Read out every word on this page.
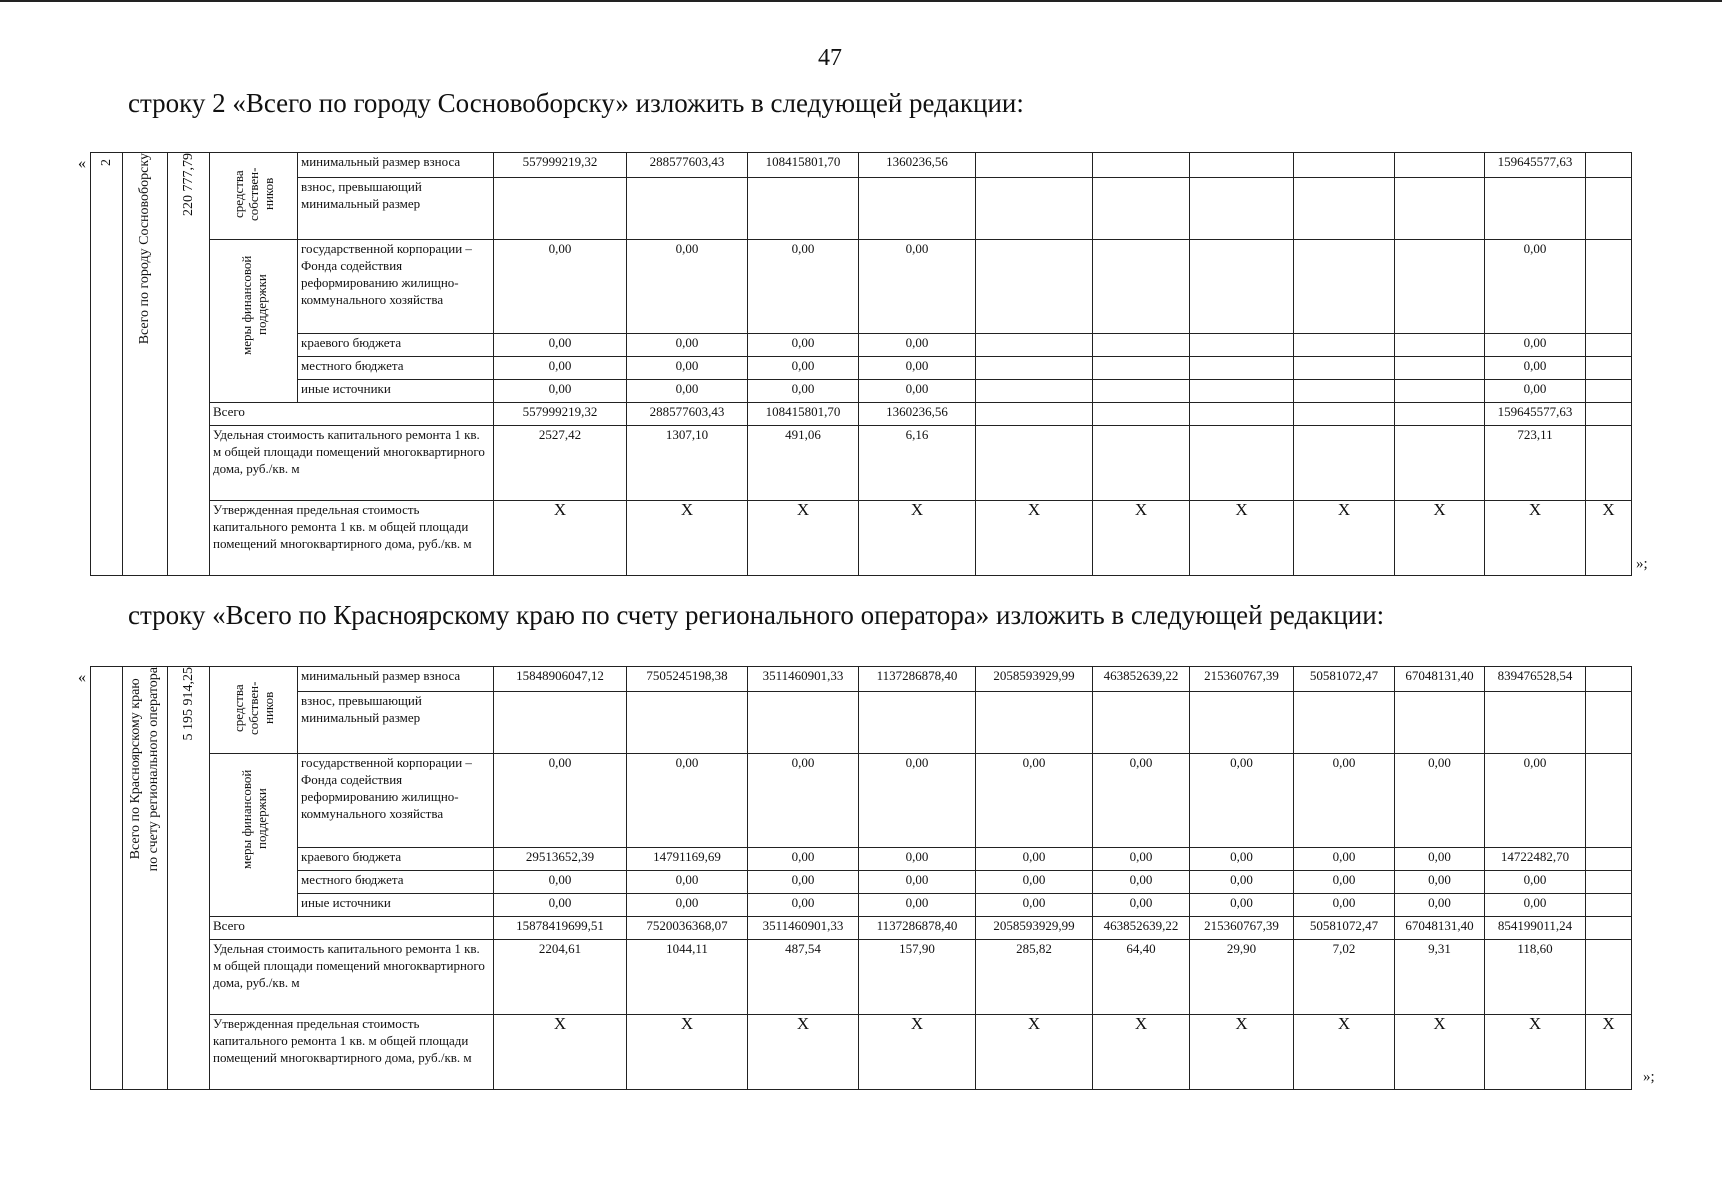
47
строку 2 «Всего по городу Сосновоборску» изложить в следующей редакции:
строку «Всего по Красноярскому краю по счету регионального оператора» изложить в следующей редакции:
«
»;
«
»;
2	Всего по городу Сосновоборску	220 777,79	средства собствен-ников	минимальный размер взноса	557999219,32	288577603,43	108415801,70	1360236,56						159645577,63	
				взнос, превышающий минимальный размер											
			меры финансовой поддержки	государственной корпорации – Фонда содействия реформированию жилищно-коммунального хозяйства	0,00	0,00	0,00	0,00						0,00	
				краевого бюджета	0,00	0,00	0,00	0,00						0,00	
				местного бюджета	0,00	0,00	0,00	0,00						0,00	
				иные источники	0,00	0,00	0,00	0,00						0,00	
			Всего		557999219,32	288577603,43	108415801,70	1360236,56						159645577,63	
			Удельная стоимость капитального ремонта 1 кв. м общей площади помещений многоквартирного дома, руб./кв. м		2527,42	1307,10	491,06	6,16						723,11	
			Утвержденная предельная стоимость капитального ремонта 1 кв. м общей площади помещений многоквартирного дома, руб./кв. м		X	X	X	X	X	X	X	X	X	X	X
	Всего по Красноярскому краю по счету регионального оператора	5 195 914,25	средства собствен-ников	минимальный размер взноса	15848906047,12	7505245198,38	3511460901,33	1137286878,40	2058593929,99	463852639,22	215360767,39	50581072,47	67048131,40	839476528,54	
				взнос, превышающий минимальный размер											
			меры финансовой поддержки	государственной корпорации – Фонда содействия реформированию жилищно-коммунального хозяйства	0,00	0,00	0,00	0,00	0,00	0,00	0,00	0,00	0,00	0,00	
				краевого бюджета	29513652,39	14791169,69	0,00	0,00	0,00	0,00	0,00	0,00	0,00	14722482,70	
				местного бюджета	0,00	0,00	0,00	0,00	0,00	0,00	0,00	0,00	0,00	0,00	
				иные источники	0,00	0,00	0,00	0,00	0,00	0,00	0,00	0,00	0,00	0,00	
			Всего		15878419699,51	7520036368,07	3511460901,33	1137286878,40	2058593929,99	463852639,22	215360767,39	50581072,47	67048131,40	854199011,24	
			Удельная стоимость капитального ремонта 1 кв. м общей площади помещений многоквартирного дома, руб./кв. м		2204,61	1044,11	487,54	157,90	285,82	64,40	29,90	7,02	9,31	118,60	
			Утвержденная предельная стоимость капитального ремонта 1 кв. м общей площади помещений многоквартирного дома, руб./кв. м		X	X	X	X	X	X	X	X	X	X	X
